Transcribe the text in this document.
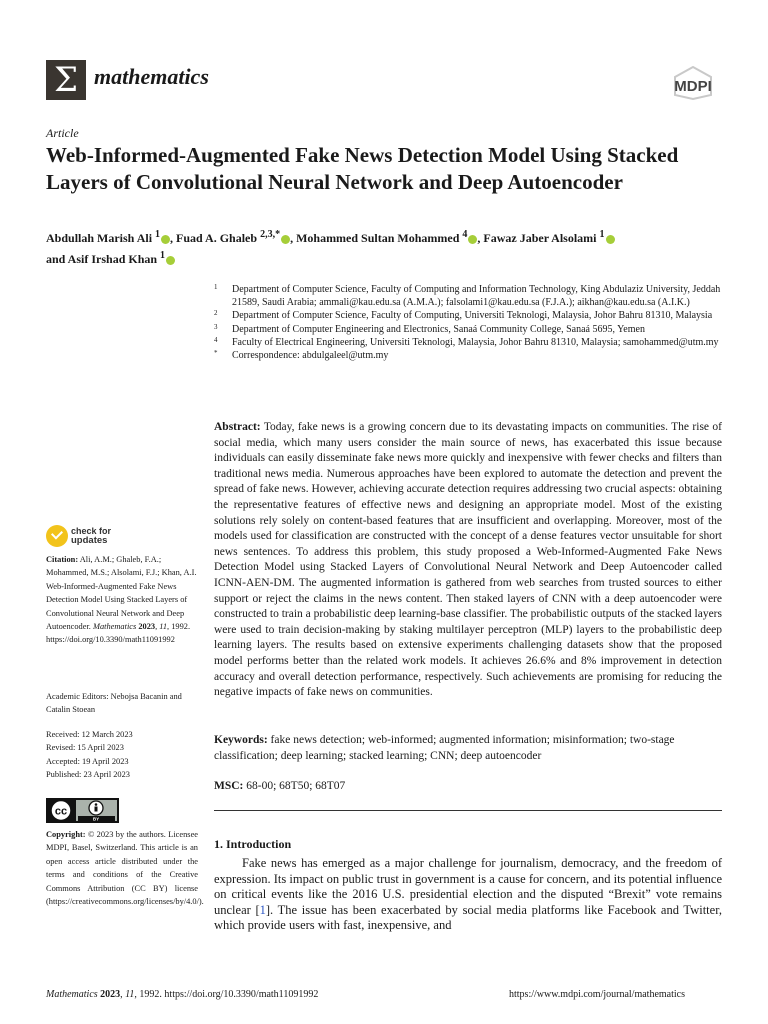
Σ mathematics	MDPI
Article
Web-Informed-Augmented Fake News Detection Model Using Stacked Layers of Convolutional Neural Network and Deep Autoencoder
Abdullah Marish Ali $^1$ , Fuad A. Ghaleb $^{2,3,*}$ , Mohammed Sultan Mohammed $^4$ , Fawaz Jaber Alsolami $^1$
and Asif Irshad Khan $^1$
1 Department of Computer Science, Faculty of Computing and Information Technology, King Abdulaziz University, Jeddah 21589, Saudi Arabia; ammali@kau.edu.sa (A.M.A.); falsolami1@kau.edu.sa (F.J.A.); aikhan@kau.edu.sa (A.I.K.)
2 Department of Computer Science, Faculty of Computing, Universiti Teknologi, Malaysia, Johor Bahru 81310, Malaysia
3 Department of Computer Engineering and Electronics, Sanaá Community College, Sanaá 5695, Yemen
4 Faculty of Electrical Engineering, Universiti Teknologi, Malaysia, Johor Bahru 81310, Malaysia; samohammed@utm.my
* Correspondence: abdulgaleel@utm.my
Abstract: Today, fake news is a growing concern due to its devastating impacts on communities. The rise of social media, which many users consider the main source of news, has exacerbated this issue because individuals can easily disseminate fake news more quickly and inexpensive with fewer checks and filters than traditional news media. Numerous approaches have been explored to automate the detection and prevent the spread of fake news. However, achieving accurate detection requires addressing two crucial aspects: obtaining the representative features of effective news and designing an appropriate model. Most of the existing solutions rely solely on content-based features that are insufficient and overlapping. Moreover, most of the models used for classification are constructed with the concept of a dense features vector unsuitable for short news sentences. To address this problem, this study proposed a Web-Informed-Augmented Fake News Detection Model using Stacked Layers of Convolutional Neural Network and Deep Autoencoder called ICNN-AEN-DM. The augmented information is gathered from web searches from trusted sources to either support or reject the claims in the news content. Then staked layers of CNN with a deep autoencoder were constructed to train a probabilistic deep learning-base classifier. The probabilistic outputs of the stacked layers were used to train decision-making by staking multilayer perceptron (MLP) layers to the probabilistic deep learning layers. The results based on extensive experiments challenging datasets show that the proposed model performs better than the related work models. It achieves 26.6% and 8% improvement in detection accuracy and overall detection performance, respectively. Such achievements are promising for reducing the negative impacts of fake news on communities.
Keywords: fake news detection; web-informed; augmented information; misinformation; two-stage classification; deep learning; stacked learning; CNN; deep autoencoder
MSC: 68-00; 68T50; 68T07
1. Introduction

Fake news has emerged as a major challenge for journalism, democracy, and the freedom of expression. Its impact on public trust in government is a cause for concern, and its potential influence on critical events like the 2016 U.S. presidential election and the disputed “Brexit” vote remains unclear [1]. The issue has been exacerbated by social media platforms like Facebook and Twitter, which provide users with fast, inexpensive, and

check for
updates
Citation: Ali, A.M.; Ghaleb, F.A.; Mohammed, M.S.; Alsolami, F.J.; Khan, A.I. Web-Informed-Augmented Fake News Detection Model Using Stacked Layers of Convolutional Neural Network and Deep Autoencoder. Mathematics 2023, 11, 1992. https://doi.org/10.3390/math11091992
Academic Editors: Nebojsa Bacanin and Catalin Stoean
Received: 12 March 2023
Revised: 15 April 2023
Accepted: 19 April 2023
Published: 23 April 2023
cc
BY
Copyright: © 2023 by the authors. Licensee MDPI, Basel, Switzerland. This article is an open access article distributed under the terms and conditions of the Creative Commons Attribution (CC BY) license (https://creativecommons.org/licenses/by/4.0/).
Mathematics 2023, 11, 1992. https://doi.org/10.3390/math11091992	https://www.mdpi.com/journal/mathematics
